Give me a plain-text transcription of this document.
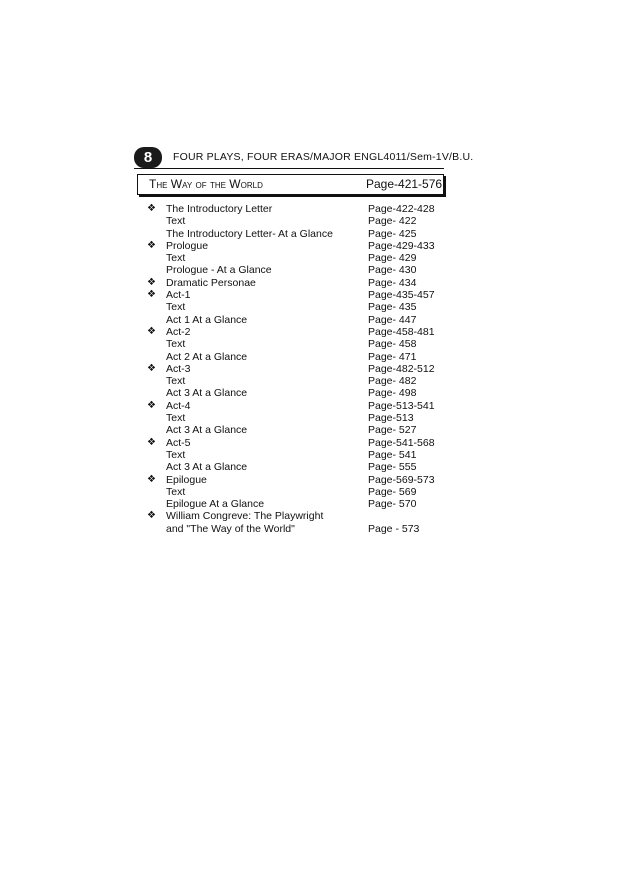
8	FOUR PLAYS, FOUR ERAS/MAJOR ENGL4011/Sem-1V/B.U.
The Way of the World	Page-421-576
❖ The Introductory Letter	Page-422-428
Text	Page- 422
The Introductory Letter- At a Glance	Page- 425
❖ Prologue	Page-429-433
Text	Page- 429
Prologue - At a Glance	Page- 430
❖ Dramatic Personae	Page- 434
❖ Act-1	Page-435-457
Text	Page- 435
Act 1 At a Glance	Page- 447
❖ Act-2	Page-458-481
Text	Page- 458
Act 2 At a Glance	Page- 471
❖ Act-3	Page-482-512
Text	Page- 482
Act 3 At a Glance	Page- 498
❖ Act-4	Page-513-541
Text	Page-513
Act 3 At a Glance	Page- 527
❖ Act-5	Page-541-568
Text	Page- 541
Act 3 At a Glance	Page- 555
❖ Epilogue	Page-569-573
Text	Page- 569
Epilogue At a Glance	Page- 570
❖ William Congreve: The Playwright
and "The Way of the World"	Page - 573
